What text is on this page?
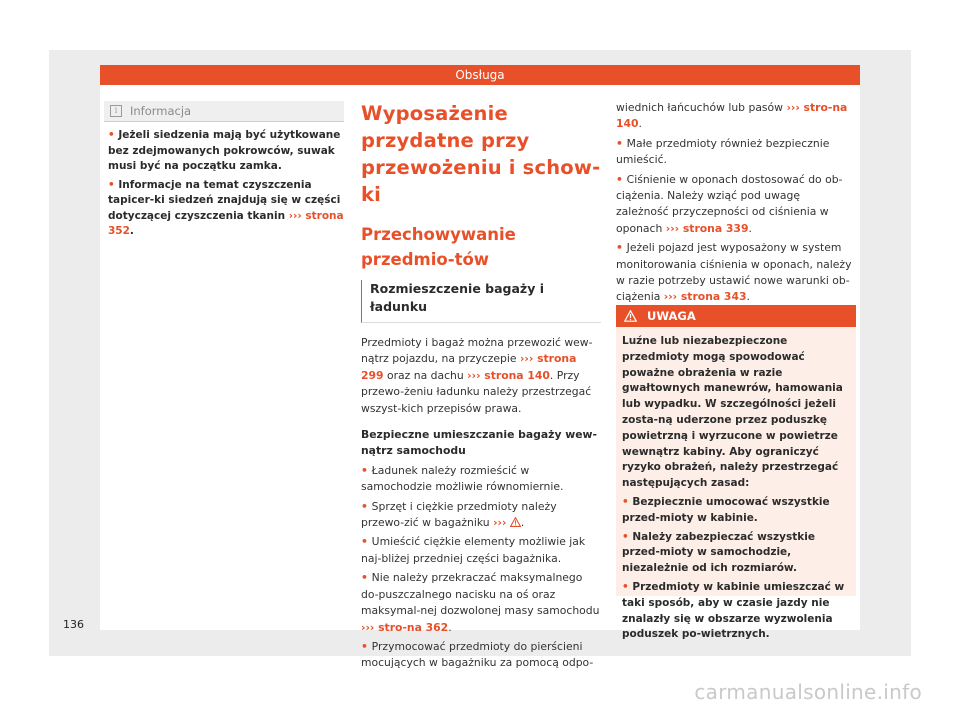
Obsługa
i	Informacja

• Jeżeli siedzenia mają być użytkowane bez zdejmowanych pokrowców, suwak musi być na początku zamka.

• Informacje na temat czyszczenia tapicer-ki siedzeń znajdują się w części dotyczącej czyszczenia tkanin ››› strona 352.

Wyposażenie przydatne przy przewożeniu i schow-ki

Przechowywanie przedmio-tów

Rozmieszczenie bagaży i ładunku

Przedmioty i bagaż można przewozić wew-nątrz pojazdu, na przyczepie ››› strona 299 oraz na dachu ››› strona 140. Przy przewo-żeniu ładunku należy przestrzegać wszyst-kich przepisów prawa.

Bezpieczne umieszczanie bagaży wew-nątrz samochodu

• Ładunek należy rozmieścić w samochodzie możliwie równomiernie.

• Sprzęt i ciężkie przedmioty należy przewo-zić w bagażniku ››› .

• Umieścić ciężkie elementy możliwie jak naj-bliżej przedniej części bagażnika.

• Nie należy przekraczać maksymalnego do-puszczalnego nacisku na oś oraz maksymal-nej dozwolonej masy samochodu ››› stro-na 362.

• Przymocować przedmioty do pierścieni mocujących w bagażniku za pomocą odpo-

wiednich łańcuchów lub pasów ››› stro-na 140.

• Małe przedmioty również bezpiecznie umieścić.

• Ciśnienie w oponach dostosować do ob-ciążenia. Należy wziąć pod uwagę zależność przyczepności od ciśnienia w oponach ››› strona 339.

• Jeżeli pojazd jest wyposażony w system monitorowania ciśnienia w oponach, należy w razie potrzeby ustawić nowe warunki ob-ciążenia ››› strona 343.

UWAGA

Luźne lub niezabezpieczone przedmioty mogą spowodować poważne obrażenia w razie gwałtownych manewrów, hamowania lub wypadku. W szczególności jeżeli zosta-ną uderzone przez poduszkę powietrzną i wyrzucone w powietrze wewnątrz kabiny. Aby ograniczyć ryzyko obrażeń, należy przestrzegać następujących zasad:

• Bezpiecznie umocować wszystkie przed-mioty w kabinie.

• Należy zabezpieczać wszystkie przed-mioty w samochodzie, niezależnie od ich rozmiarów.

• Przedmioty w kabinie umieszczać w taki sposób, aby w czasie jazdy nie znalazły się w obszarze wyzwolenia poduszek po-wietrznych.

136
carmanualsonline.info
